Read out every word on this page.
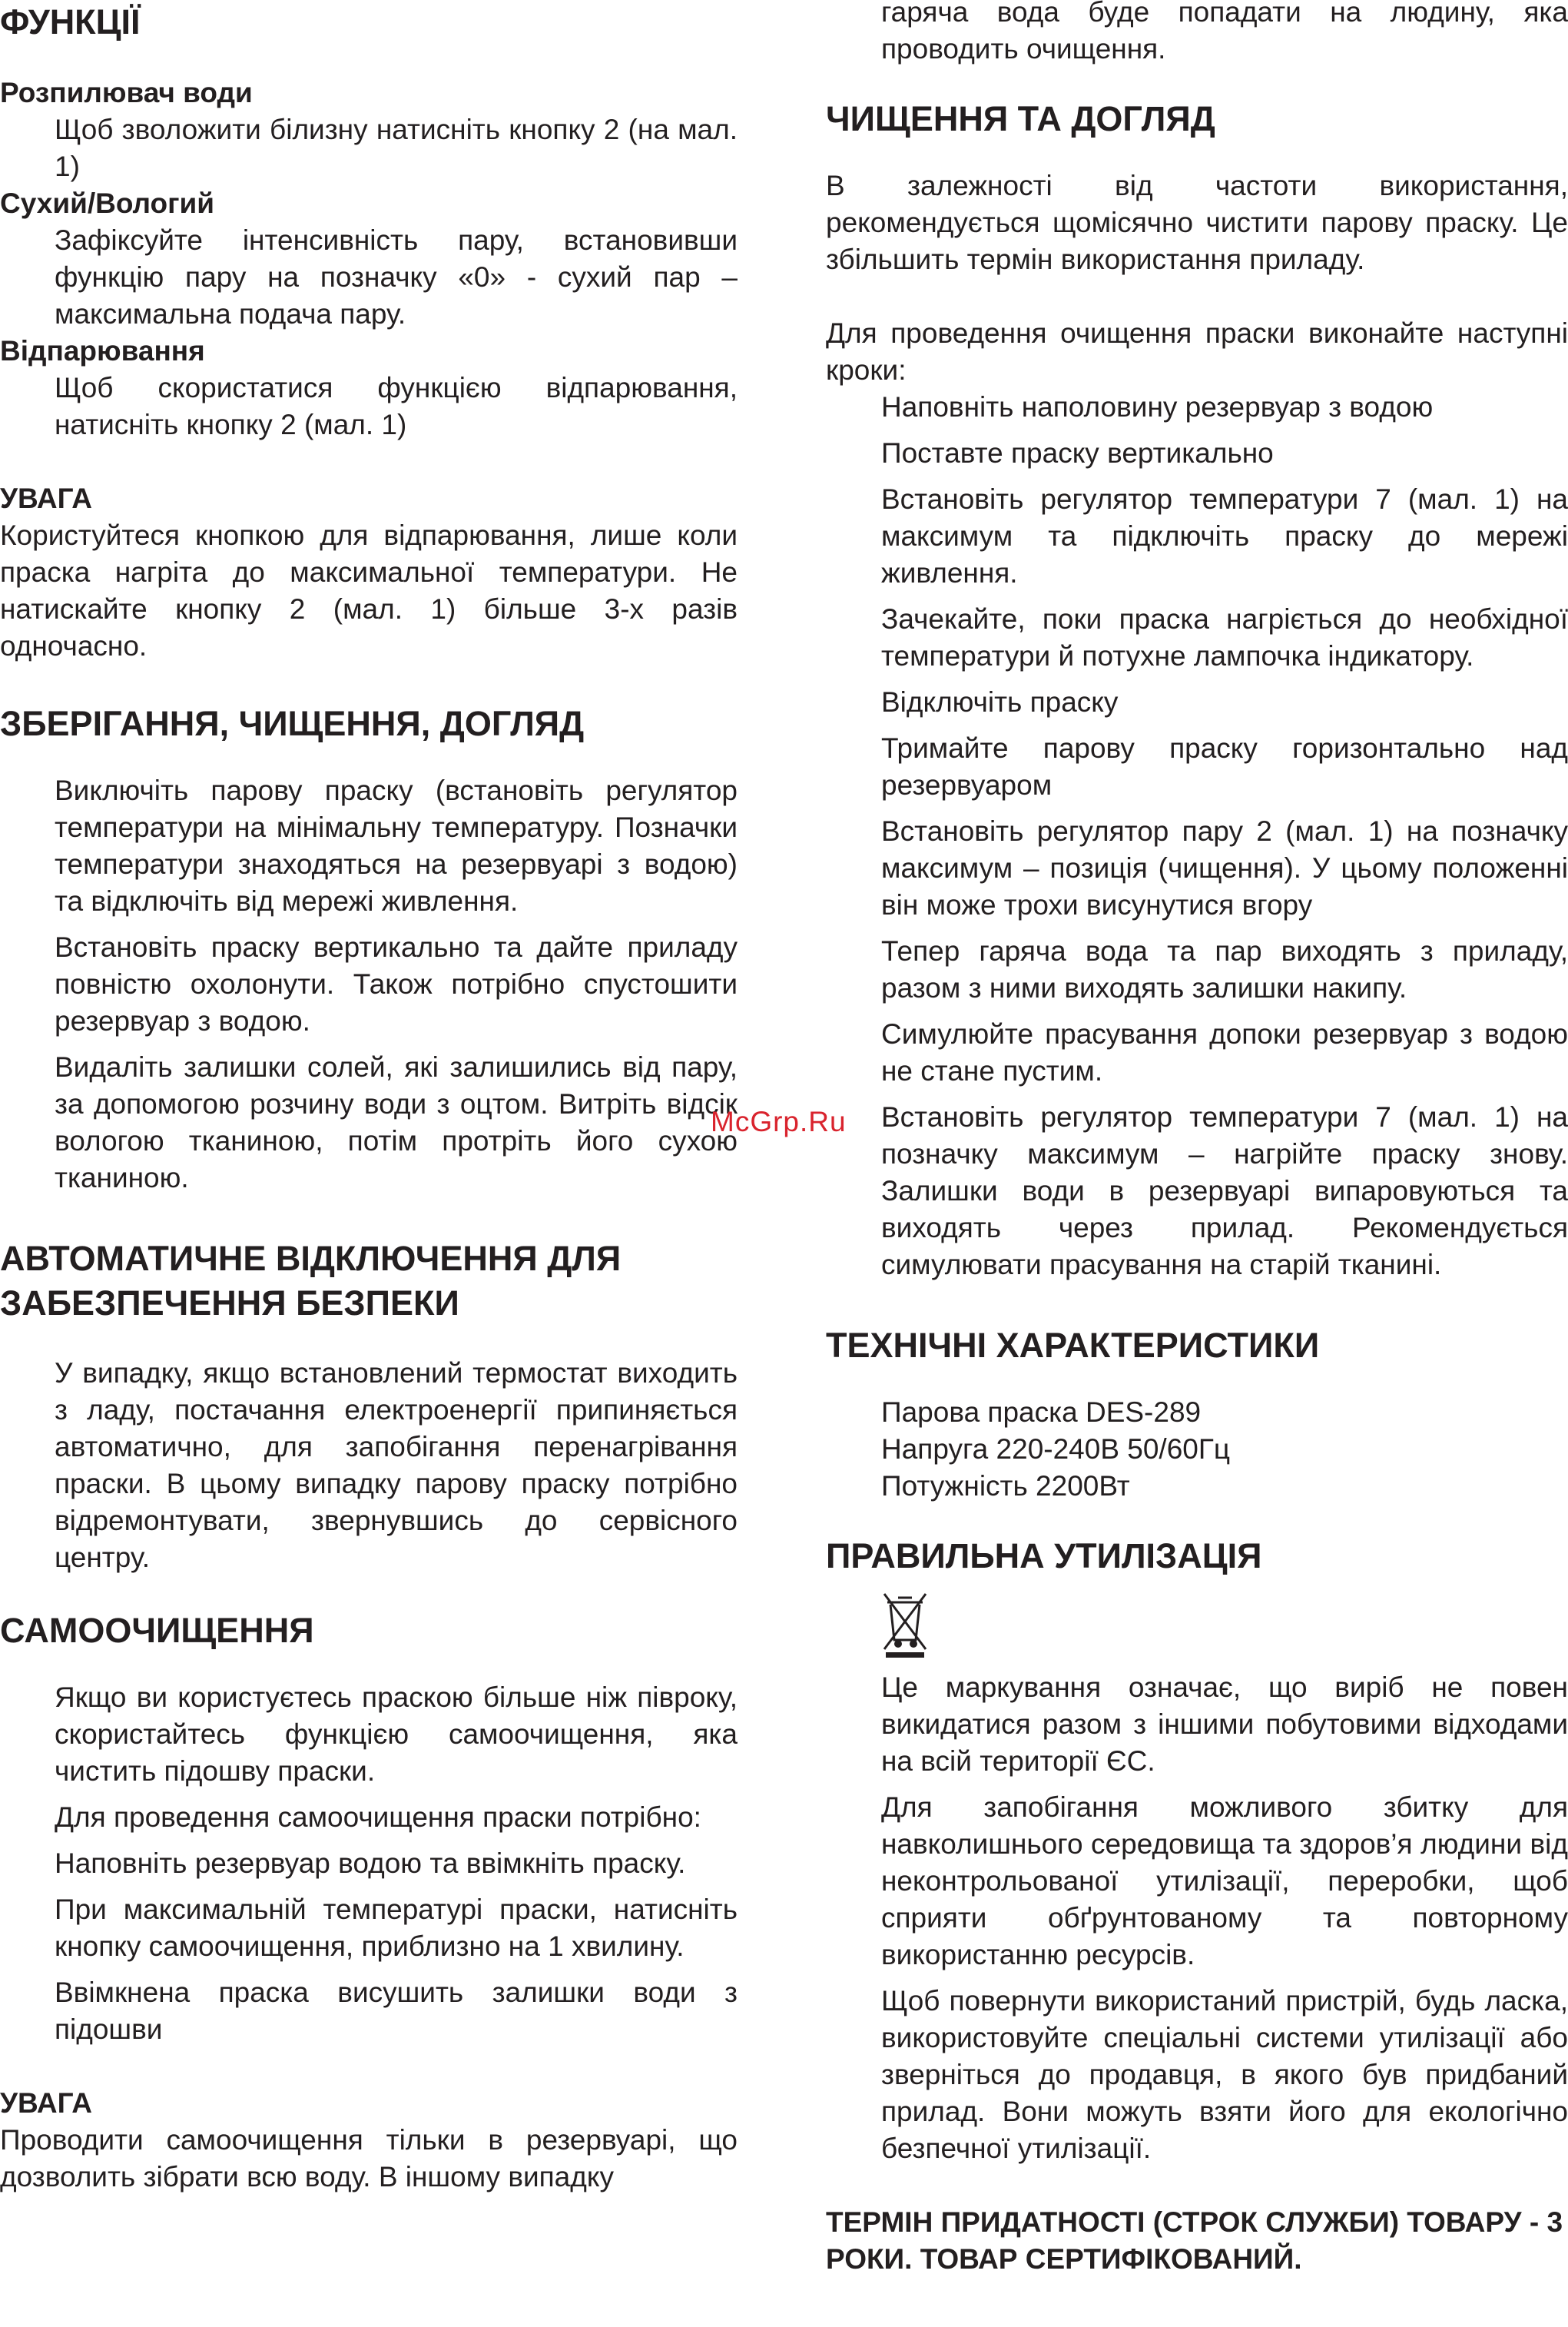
ФУНКЦІЇ
Розпилювач води

Щоб зволожити білизну натисніть кнопку 2 (на мал. 1)

Сухий/Вологий

Зафіксуйте інтенсивність пару, встановивши функцію пару на позначку «0» - сухий пар – максимальна подача пару.

Відпарювання

Щоб скористатися функцією відпарювання, натисніть кнопку 2 (мал. 1)

УВАГА

Користуйтеся кнопкою для відпарювання, лише коли праска нагріта до максимальної температури. Не натискайте кнопку 2 (мал. 1) більше 3-х разів одночасно.

ЗБЕРІГАННЯ, ЧИЩЕННЯ, ДОГЛЯД

Виключіть парову праску (встановіть регулятор температури на мінімальну температуру. Позначки температури знаходяться на резервуарі з водою) та відключіть від мережі живлення.

Встановіть праску вертикально та дайте приладу повністю охолонути. Також потрібно спустошити резервуар з водою.

Видаліть залишки солей, які залишились від пару, за допомогою розчину води з оцтом. Витріть відсік вологою тканиною, потім протріть його сухою тканиною.

АВТОМАТИЧНЕ ВІДКЛЮЧЕННЯ ДЛЯ ЗАБЕЗПЕЧЕННЯ БЕЗПЕКИ

У випадку, якщо встановлений термостат виходить з ладу, постачання електроенергії припиняється автоматично, для запобігання перенагрівання праски. В цьому випадку парову праску потрібно відремонтувати, звернувшись до сервісного центру.

САМООЧИЩЕННЯ

Якщо ви користуєтесь праскою більше ніж півроку, скористайтесь функцією самоочищення, яка чистить підошву праски.

Для проведення самоочищення праски потрібно:

Наповніть резервуар водою та ввімкніть праску.

При максимальній температурі праски, натисніть кнопку самоочищення, приблизно на 1 хвилину.

Ввімкнена праска висушить залишки води з підошви

УВАГА

Проводити самоочищення тільки в резервуарі, що дозволить зібрати всю воду. В іншому випадку

гаряча вода буде попадати на людину, яка проводить очищення.

ЧИЩЕННЯ ТА ДОГЛЯД

В залежності від частоти використання, рекомендується щомісячно чистити парову праску. Це збільшить термін використання приладу.

Для проведення очищення праски виконайте наступні кроки:

Наповніть наполовину резервуар з водою

Поставте праску вертикально

Встановіть регулятор температури 7 (мал. 1) на максимум та підключіть праску до мережі живлення.

Зачекайте, поки праска нагріється до необхідної температури й потухне лампочка індикатору.

Відключіть праску

Тримайте парову праску горизонтально над резервуаром

Встановіть регулятор пару 2 (мал. 1) на позначку максимум – позиція (чищення). У цьому положенні він може трохи висунутися вгору

Тепер гаряча вода та пар виходять з приладу, разом з ними виходять залишки накипу.

Симулюйте прасування допоки резервуар з водою не стане пустим.

Встановіть регулятор температури 7 (мал. 1) на позначку максимум – нагрійте праску знову. Залишки води в резервуарі випаровуються та виходять через прилад. Рекомендується симулювати прасування на старій тканині.

ТЕХНІЧНІ ХАРАКТЕРИСТИКИ

Парова праска DES-289

Напруга 220-240В 50/60Гц

Потужність 2200Вт

ПРАВИЛЬНА УТИЛІЗАЦІЯ

Це маркування означає, що виріб не повен викидатися разом з іншими побутовими відходами на всій території ЄС.

Для запобігання можливого збитку для навколишнього середовища та здоров’я людини від неконтрольованої утилізації, переробки, щоб сприяти обґрунтованому та повторному використанню ресурсів.

Щоб повернути використаний пристрій, будь ласка, використовуйте спеціальні системи утилізації або зверніться до продавця, в якого був придбаний прилад. Вони можуть взяти його для екологічно безпечної утилізації.

ТЕРМІН ПРИДАТНОСТІ (СТРОК СЛУЖБИ) ТОВАРУ - 3 РОКИ. ТОВАР СЕРТИФІКОВАНИЙ.
McGrp.Ru
